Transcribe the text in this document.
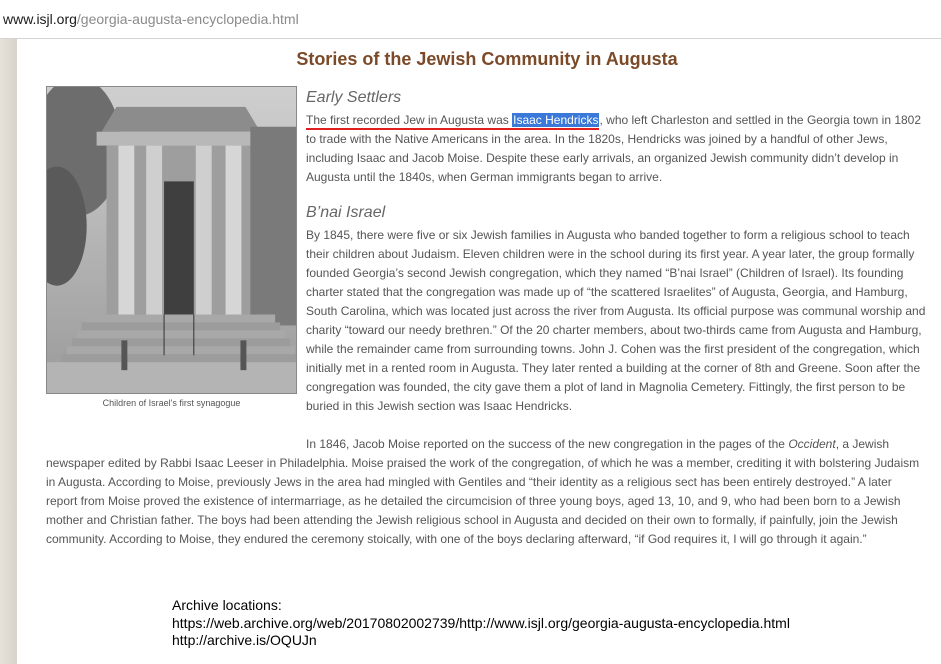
www.isjl.org/georgia-augusta-encyclopedia.html
Stories of the Jewish Community in Augusta
Children of Israel's first synagogue
Early Settlers

The first recorded Jew in Augusta was Isaac Hendricks, who left Charleston and settled in the Georgia town in 1802 to trade with the Native Americans in the area. In the 1820s, Hendricks was joined by a handful of other Jews, including Isaac and Jacob Moise. Despite these early arrivals, an organized Jewish community didn’t develop in Augusta until the 1840s, when German immigrants began to arrive.

B’nai Israel

By 1845, there were five or six Jewish families in Augusta who banded together to form a religious school to teach their children about Judaism. Eleven children were in the school during its first year. A year later, the group formally founded Georgia’s second Jewish congregation, which they named “B’nai Israel” (Children of Israel). Its founding charter stated that the congregation was made up of “the scattered Israelites” of Augusta, Georgia, and Hamburg, South Carolina, which was located just across the river from Augusta. Its official purpose was communal worship and charity “toward our needy brethren.” Of the 20 charter members, about two-thirds came from Augusta and Hamburg, while the remainder came from surrounding towns. John J. Cohen was the first president of the congregation, which initially met in a rented room in Augusta. They later rented a building at the corner of 8th and Greene. Soon after the congregation was founded, the city gave them a plot of land in Magnolia Cemetery. Fittingly, the first person to be buried in this Jewish section was Isaac Hendricks.

In 1846, Jacob Moise reported on the success of the new congregation in the pages of the Occident, a Jewish newspaper edited by Rabbi Isaac Leeser in Philadelphia. Moise praised the work of the congregation, of which he was a member, crediting it with bolstering Judaism in Augusta. According to Moise, previously Jews in the area had mingled with Gentiles and “their identity as a religious sect has been entirely destroyed.” A later report from Moise proved the existence of intermarriage, as he detailed the circumcision of three young boys, aged 13, 10, and 9, who had been born to a Jewish mother and Christian father. The boys had been attending the Jewish religious school in Augusta and decided on their own to formally, if painfully, join the Jewish community. According to Moise, they endured the ceremony stoically, with one of the boys declaring afterward, “if God requires it, I will go through it again.”

Archive locations:
https://web.archive.org/web/20170802002739/http://www.isjl.org/georgia-augusta-encyclopedia.html
http://archive.is/OQUJn
